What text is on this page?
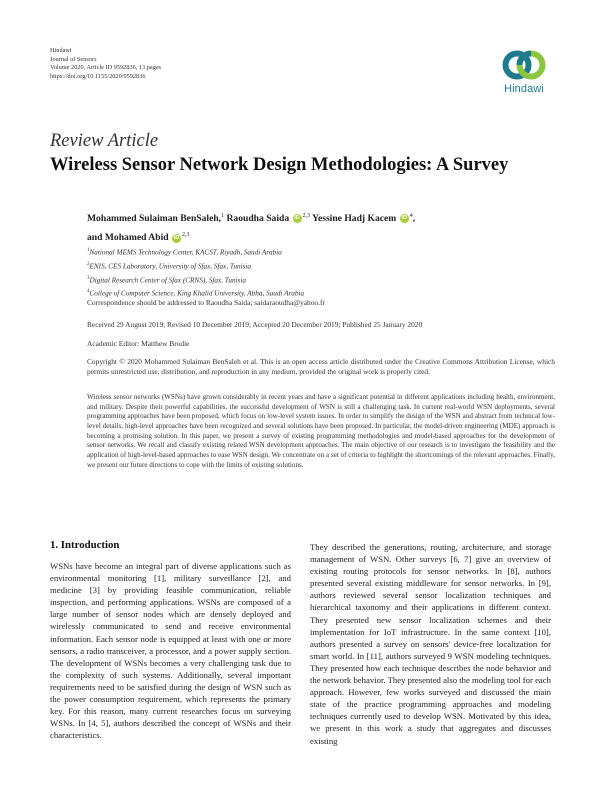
Hindawi
Journal of Sensors
Volume 2020, Article ID 9592836, 13 pages
https://doi.org/10.1155/2020/9592836
Hindawi
Review Article
Wireless Sensor Network Design Methodologies: A Survey
Mohammed Sulaiman BenSaleh,$^1$ Raoudha Saida iD $^{2,3}$ Yessine Hadj Kacem iD $^4$,
and Mohamed Abid iD $^{2,3}$
$^1$National MEMS Technology Center, KACST, Riyadh, Saudi Arabia
$^2$ENIS, CES Laboratory, University of Sfax, Sfax, Tunisia
$^3$Digital Research Center of Sfax (CRNS), Sfax, Tunisia
$^4$College of Computer Science, King Khalid University, Abha, Saudi Arabia
Correspondence should be addressed to Raoudha Saida; saidaraoudha@yahoo.fr
Received 29 August 2019; Revised 10 December 2019; Accepted 20 December 2019; Published 25 January 2020
Academic Editor: Matthew Brodie
Copyright © 2020 Mohammed Sulaiman BenSaleh et al. This is an open access article distributed under the Creative Commons Attribution License, which permits unrestricted use, distribution, and reproduction in any medium, provided the original work is properly cited.
Wireless sensor networks (WSNs) have grown considerably in recent years and have a significant potential in different applications including health, environment, and military. Despite their powerful capabilities, the successful development of WSN is still a challenging task. In current real-world WSN deployments, several programming approaches have been proposed, which focus on low-level system issues. In order to simplify the design of the WSN and abstract from technical low-level details, high-level approaches have been recognized and several solutions have been proposed. In particular, the model-driven engineering (MDE) approach is becoming a promising solution. In this paper, we present a survey of existing programming methodologies and model-based approaches for the development of sensor networks. We recall and classify existing related WSN development approaches. The main objective of our research is to investigate the feasibility and the application of high-level-based approaches to ease WSN design. We concentrate on a set of criteria to highlight the shortcomings of the relevant approaches. Finally, we present our future directions to cope with the limits of existing solutions.
1. Introduction
WSNs have become an integral part of diverse applications such as environmental monitoring [1], military surveillance [2], and medicine [3] by providing feasible communication, reliable inspection, and performing applications. WSNs are composed of a large number of sensor nodes which are densely deployed and wirelessly communicated to send and receive environmental information. Each sensor node is equipped at least with one or more sensors, a radio transceiver, a processor, and a power supply section. The development of WSNs becomes a very challenging task due to the complexity of such systems. Additionally, several important requirements need to be satisfied during the design of WSN such as the power consumption requirement, which represents the primary key. For this reason, many current researches focus on surveying WSNs. In [4, 5], authors described the concept of WSNs and their characteristics.
They described the generations, routing, architecture, and storage management of WSN. Other surveys [6, 7] give an overview of existing routing protocols for sensor networks. In [8], authors presented several existing middleware for sensor networks. In [9], authors reviewed several sensor localization techniques and hierarchical taxonomy and their applications in different context. They presented new sensor localization schemes and their implementation for IoT infrastructure. In the same context [10], authors presented a survey on sensors' device-free localization for smart world. In [11], authors surveyed 9 WSN modeling techniques. They presented how each technique describes the node behavior and the network behavior. They presented also the modeling tool for each approach. However, few works surveyed and discussed the main state of the practice programming approaches and modeling techniques currently used to develop WSN. Motivated by this idea, we present in this work a study that aggregates and discusses existing
